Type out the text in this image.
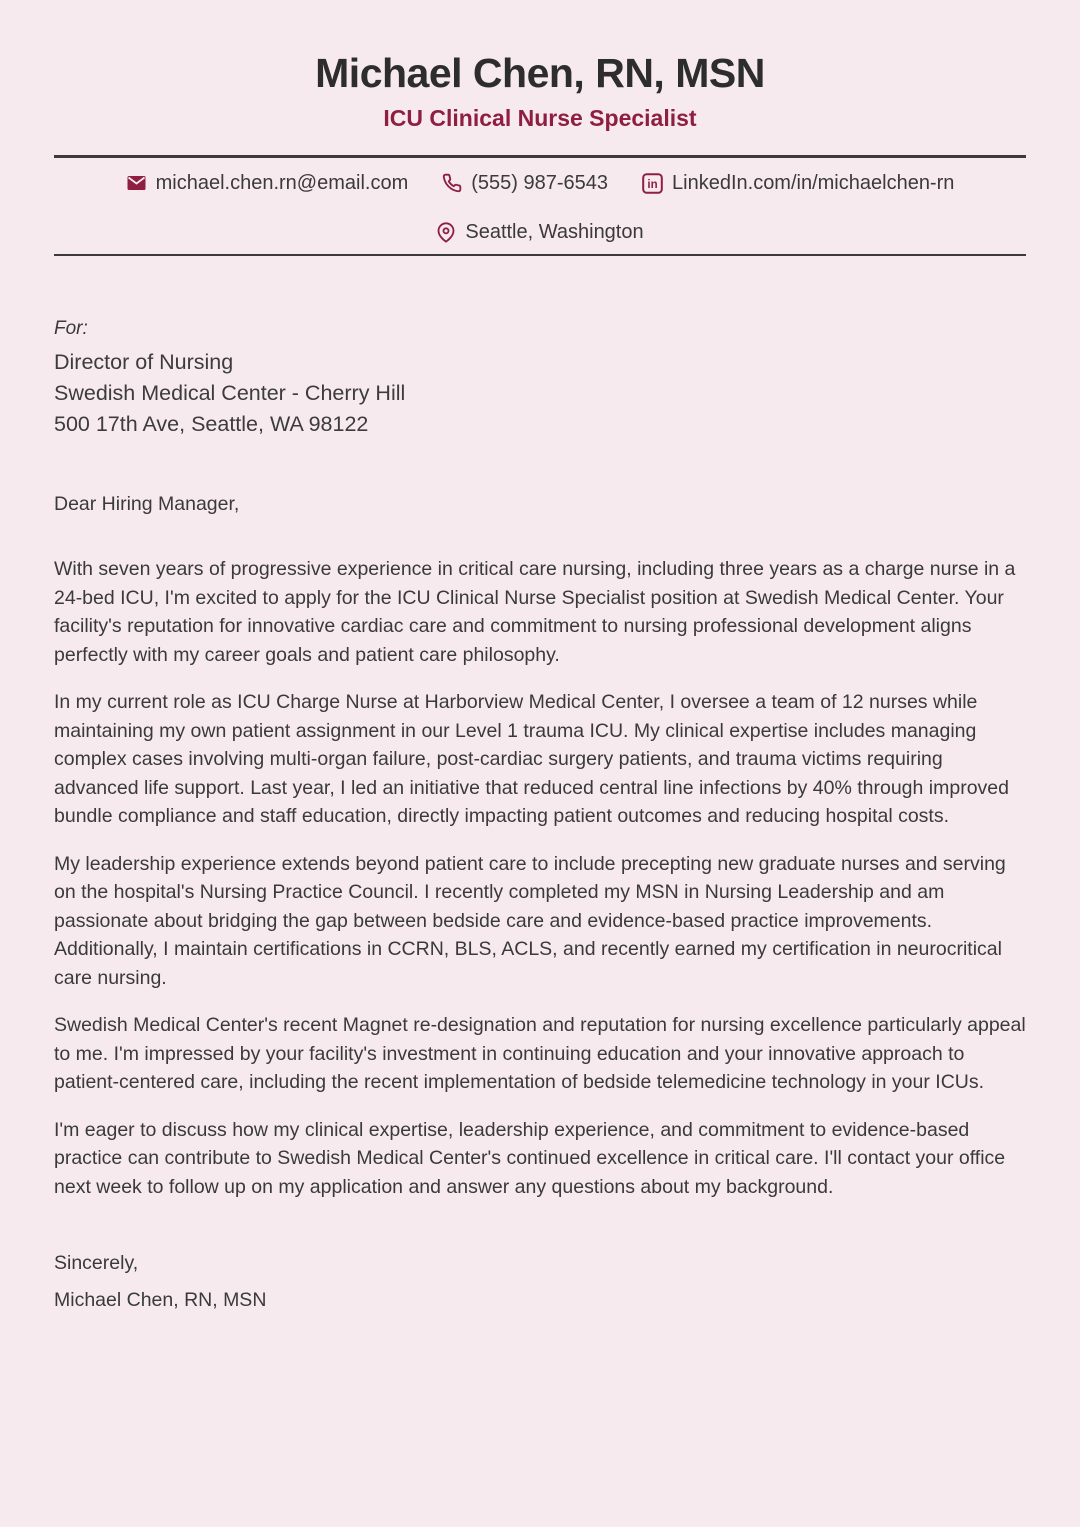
Michael Chen, RN, MSN
ICU Clinical Nurse Specialist
michael.chen.rn@email.com	(555) 987-6543	in LinkedIn.com/in/michaelchen-rn
Seattle, Washington
For:
Director of Nursing
Swedish Medical Center - Cherry Hill
500 17th Ave, Seattle, WA 98122
Dear Hiring Manager,

With seven years of progressive experience in critical care nursing, including three years as a charge nurse in a 24-bed ICU, I'm excited to apply for the ICU Clinical Nurse Specialist position at Swedish Medical Center. Your facility's reputation for innovative cardiac care and commitment to nursing professional development aligns perfectly with my career goals and patient care philosophy.

In my current role as ICU Charge Nurse at Harborview Medical Center, I oversee a team of 12 nurses while maintaining my own patient assignment in our Level 1 trauma ICU. My clinical expertise includes managing complex cases involving multi-organ failure, post-cardiac surgery patients, and trauma victims requiring advanced life support. Last year, I led an initiative that reduced central line infections by 40% through improved bundle compliance and staff education, directly impacting patient outcomes and reducing hospital costs.

My leadership experience extends beyond patient care to include precepting new graduate nurses and serving on the hospital's Nursing Practice Council. I recently completed my MSN in Nursing Leadership and am passionate about bridging the gap between bedside care and evidence-based practice improvements. Additionally, I maintain certifications in CCRN, BLS, ACLS, and recently earned my certification in neurocritical care nursing.

Swedish Medical Center's recent Magnet re-designation and reputation for nursing excellence particularly appeal to me. I'm impressed by your facility's investment in continuing education and your innovative approach to patient-centered care, including the recent implementation of bedside telemedicine technology in your ICUs.

I'm eager to discuss how my clinical expertise, leadership experience, and commitment to evidence-based practice can contribute to Swedish Medical Center's continued excellence in critical care. I'll contact your office next week to follow up on my application and answer any questions about my background.

Sincerely,
Michael Chen, RN, MSN
